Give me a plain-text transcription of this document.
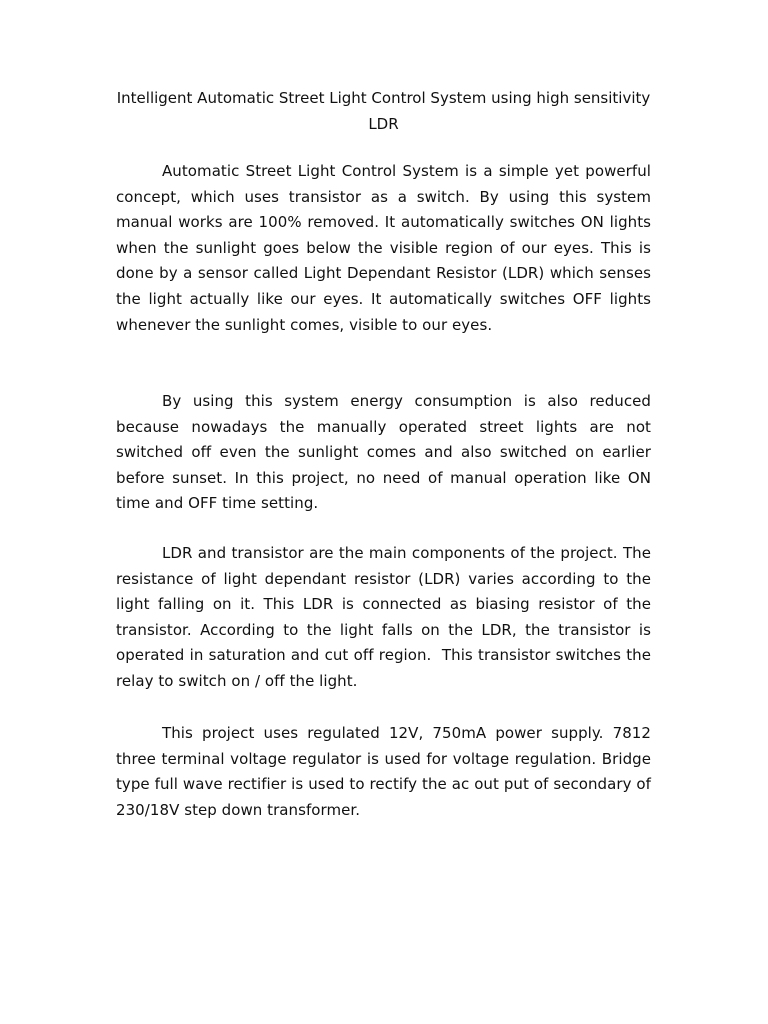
Intelligent Automatic Street Light Control System using high sensitivity LDR

Automatic Street Light Control System is a simple yet powerful concept, which uses transistor as a switch. By using this system manual works are 100% removed. It automatically switches ON lights when the sunlight goes below the visible region of our eyes. This is done by a sensor called Light Dependant Resistor (LDR) which senses the light actually like our eyes. It automatically switches OFF lights whenever the sunlight comes, visible to our eyes.

By using this system energy consumption is also reduced because nowadays the manually operated street lights are not switched off even the sunlight comes and also switched on earlier before sunset. In this project, no need of manual operation like ON time and OFF time setting.

LDR and transistor are the main components of the project. The resistance of light dependant resistor (LDR) varies according to the light falling on it. This LDR is connected as biasing resistor of the transistor. According to the light falls on the LDR, the transistor is operated in saturation and cut off region.  This transistor switches the relay to switch on / off the light.

This project uses regulated 12V, 750mA power supply. 7812 three terminal voltage regulator is used for voltage regulation. Bridge type full wave rectifier is used to rectify the ac out put of secondary of 230/18V step down transformer.
